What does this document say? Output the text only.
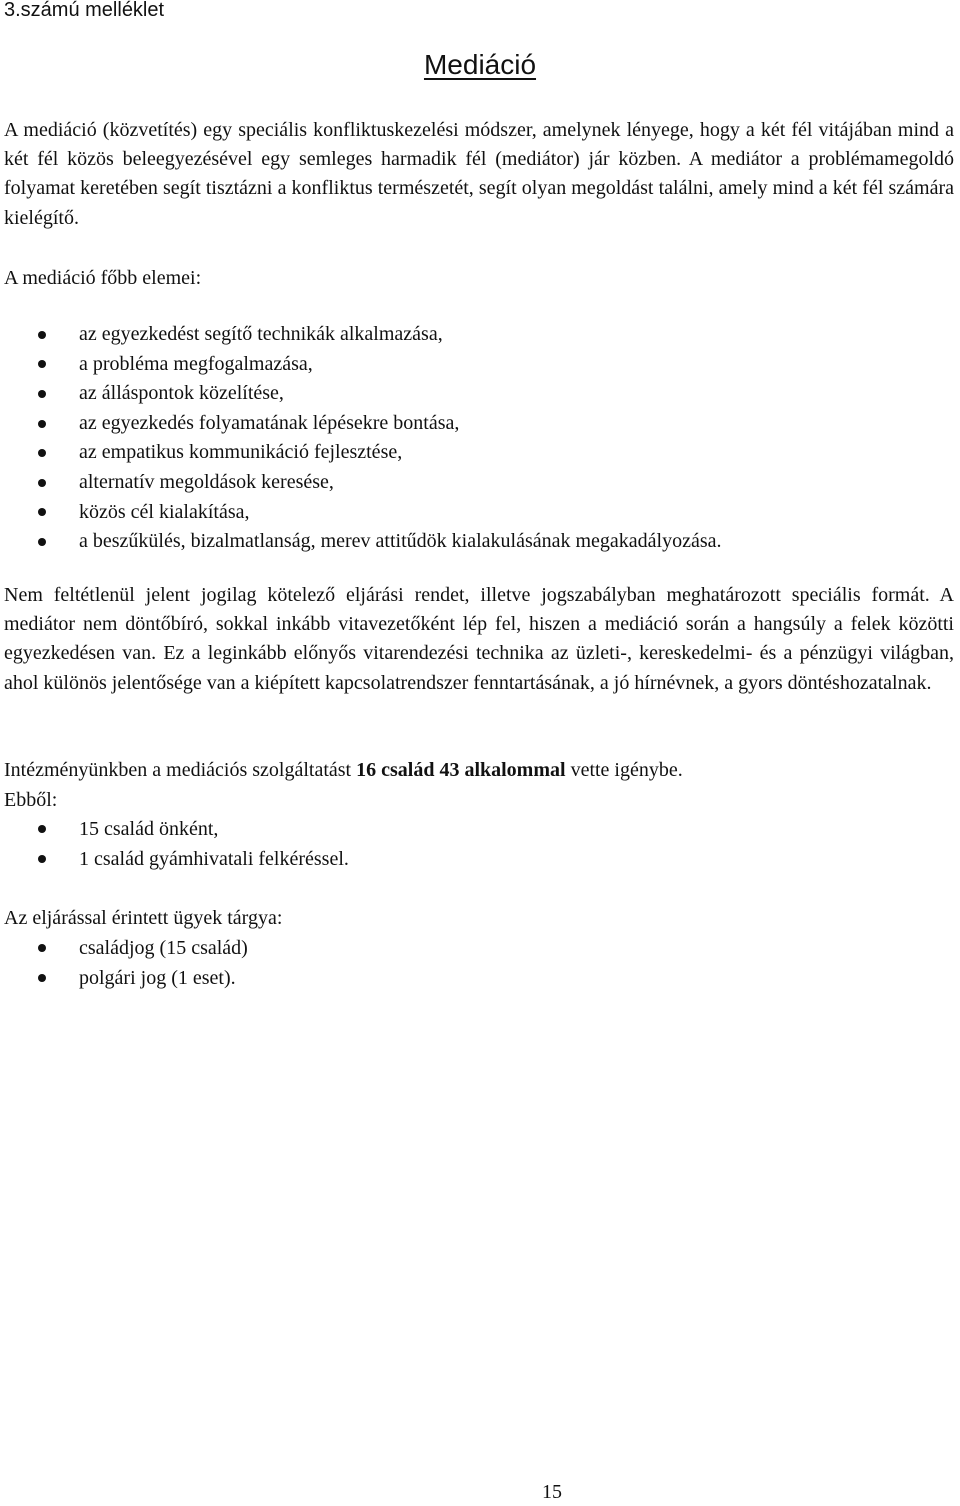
3.számú melléklet
Mediáció

A mediáció (közvetítés) egy speciális konfliktuskezelési módszer, amelynek lényege, hogy a két fél vitájában mind a két fél közös beleegyezésével egy semleges harmadik fél (mediátor) jár közben. A mediátor a problémamegoldó folyamat keretében segít tisztázni a konfliktus természetét, segít olyan megoldást találni, amely mind a két fél számára kielégítő.

A mediáció főbb elemei:

az egyezkedést segítő technikák alkalmazása,
a probléma megfogalmazása,
az álláspontok közelítése,
az egyezkedés folyamatának lépésekre bontása,
az empatikus kommunikáció fejlesztése,
alternatív megoldások keresése,
közös cél kialakítása,
a beszűkülés, bizalmatlanság, merev attitűdök kialakulásának megakadályozása.

Nem feltétlenül jelent jogilag kötelező eljárási rendet, illetve jogszabályban meghatározott speciális formát. A mediátor nem döntőbíró, sokkal inkább vitavezetőként lép fel, hiszen a mediáció során a hangsúly a felek közötti egyezkedésen van. Ez a leginkább előnyős vitarendezési technika az üzleti-, kereskedelmi- és a pénzügyi világban, ahol különös jelentősége van a kiépített kapcsolatrendszer fenntartásának, a jó hírnévnek, a gyors döntéshozatalnak.

Intézményünkben a mediációs szolgáltatást 16 család 43 alkalommal vette igénybe.

Ebből:

15 család önként,
1 család gyámhivatali felkéréssel.

Az eljárással érintett ügyek tárgya:

családjog (15 család)
polgári jog (1 eset).
15
